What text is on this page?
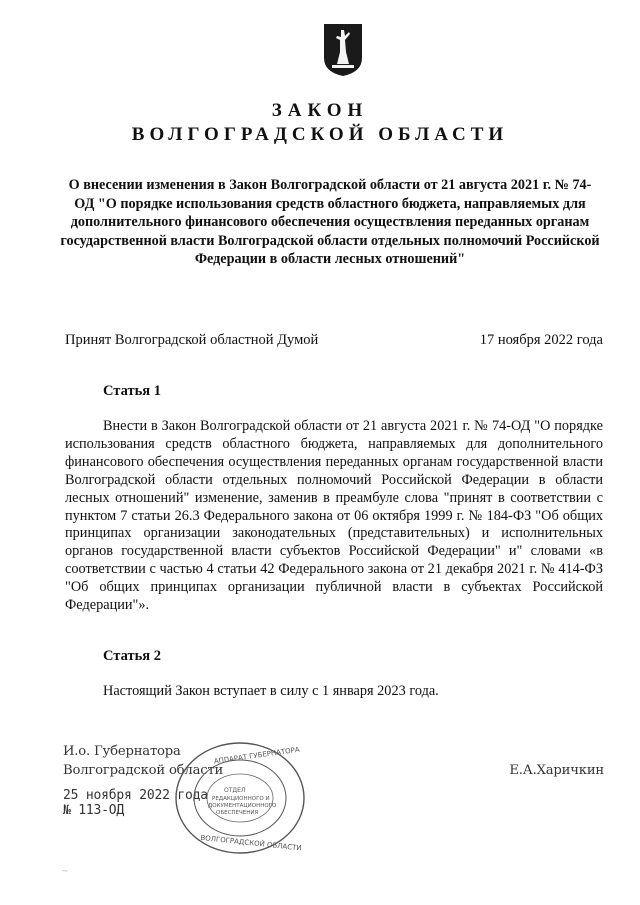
ЗАКОН
ВОЛГОГРАДСКОЙ ОБЛАСТИ
О внесении изменения в Закон Волгоградской области от 21 августа 2021 г. № 74-ОД "О порядке использования средств областного бюджета, направляемых для дополнительного финансового обеспечения осуществления переданных органам государственной власти Волгоградской области отдельных полномочий Российской Федерации в области лесных отношений"
Принят Волгоградской областной Думой	17 ноября 2022 года
Статья 1
Внести в Закон Волгоградской области от 21 августа 2021 г. № 74-ОД "О порядке использования средств областного бюджета, направляемых для дополнительного финансового обеспечения осуществления переданных органам государственной власти Волгоградской области отдельных полномочий Российской Федерации в области лесных отношений" изменение, заменив в преамбуле слова "принят в соответствии с пунктом 7 статьи 26.3 Федерального закона от 06 октября 1999 г. № 184-ФЗ "Об общих принципах организации законодательных (представительных) и исполнительных органов государственной власти субъектов Российской Федерации" и" словами «в соответствии с частью 4 статьи 42 Федерального закона от 21 декабря 2021 г. № 414-ФЗ "Об общих принципах организации публичной власти в субъектах Российской Федерации"».
Статья 2
Настоящий Закон вступает в силу с 1 января 2023 года.
И.о. Губернатора
Волгоградской области	Е.А.Харичкин
25 ноября 2022 года
№ 113-ОД
ОТДЕЛ
РЕДАКЦИОННОГО И
ДОКУМЕНТАЦИОННОГО
ОБЕСПЕЧЕНИЯ
АППАРАТ ГУБЕРНАТОРА
ВОЛГОГРАДСКОЙ ОБЛАСТИ
~
